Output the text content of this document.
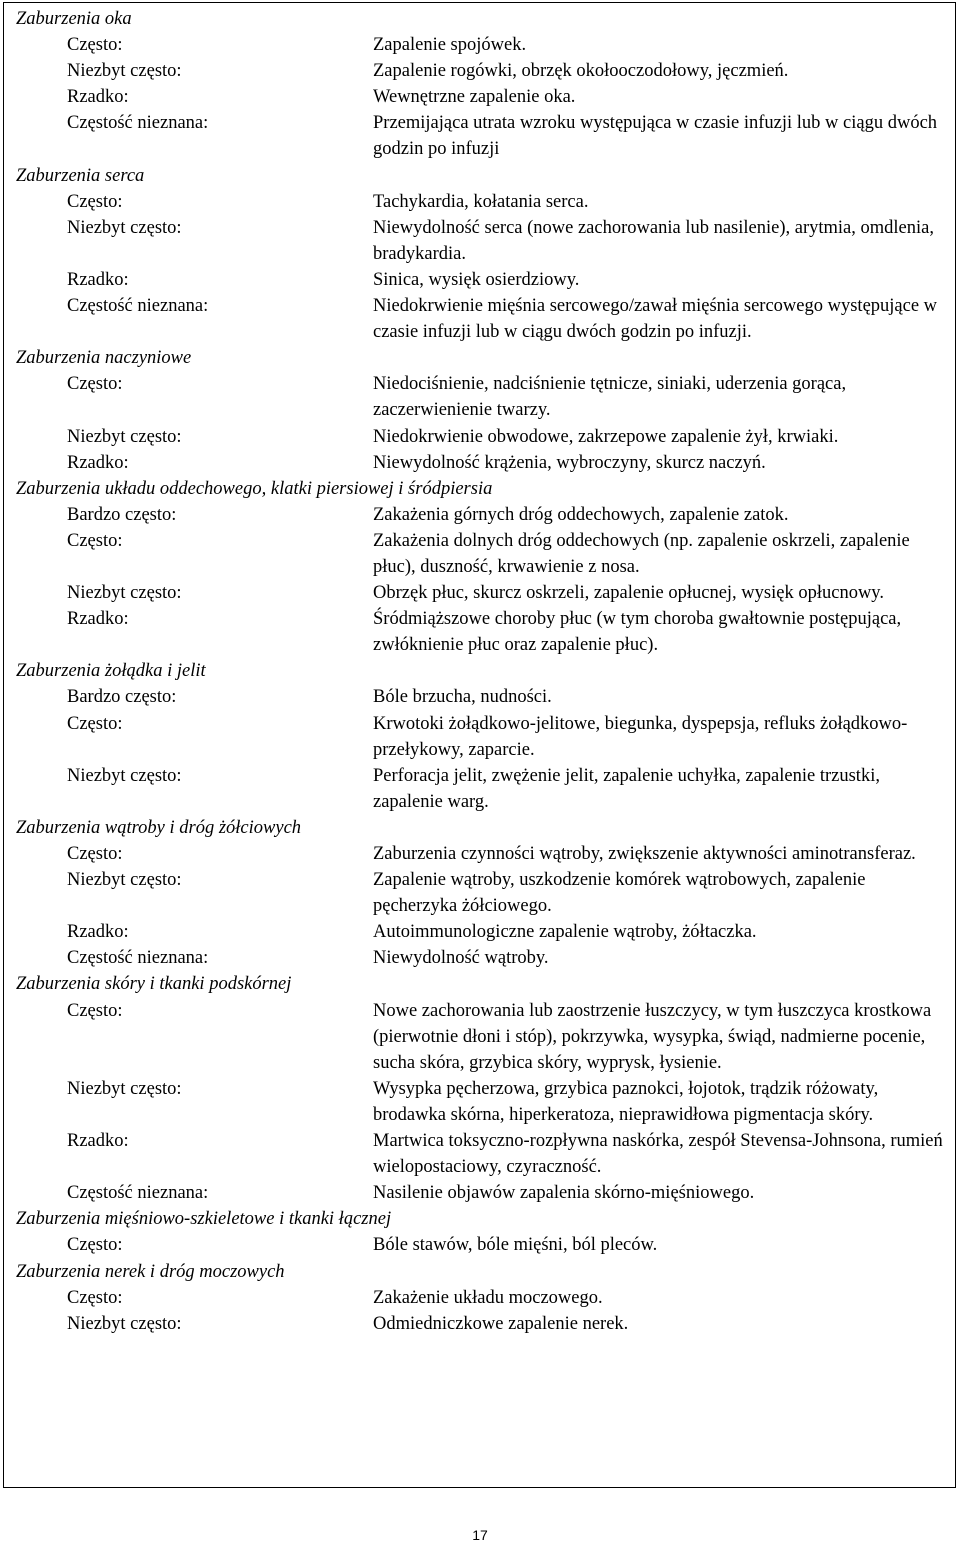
Zaburzenia oka
Często:	Zapalenie spojówek.
Niezbyt często:	Zapalenie rogówki, obrzęk okołooczodołowy, jęczmień.
Rzadko:	Wewnętrzne zapalenie oka.
Częstość nieznana:	Przemijająca utrata wzroku występująca w czasie infuzji lub w ciągu dwóch godzin po infuzji
Zaburzenia serca
Często:	Tachykardia, kołatania serca.
Niezbyt często:	Niewydolność serca (nowe zachorowania lub nasilenie), arytmia, omdlenia, bradykardia.
Rzadko:	Sinica, wysięk osierdziowy.
Częstość nieznana:	Niedokrwienie mięśnia sercowego/zawał mięśnia sercowego występujące w czasie infuzji lub w ciągu dwóch godzin po infuzji.
Zaburzenia naczyniowe
Często:	Niedociśnienie, nadciśnienie tętnicze, siniaki, uderzenia gorąca, zaczerwienienie twarzy.
Niezbyt często:	Niedokrwienie obwodowe, zakrzepowe zapalenie żył, krwiaki.
Rzadko:	Niewydolność krążenia, wybroczyny, skurcz naczyń.
Zaburzenia układu oddechowego, klatki piersiowej i śródpiersia
Bardzo często:	Zakażenia górnych dróg oddechowych, zapalenie zatok.
Często:	Zakażenia dolnych dróg oddechowych (np. zapalenie oskrzeli, zapalenie płuc), duszność, krwawienie z nosa.
Niezbyt często:	Obrzęk płuc, skurcz oskrzeli, zapalenie opłucnej, wysięk opłucnowy.
Rzadko:	Śródmiąższowe choroby płuc (w tym choroba gwałtownie postępująca, zwłóknienie płuc oraz zapalenie płuc).
Zaburzenia żołądka i jelit
Bardzo często:	Bóle brzucha, nudności.
Często:	Krwotoki żołądkowo-jelitowe, biegunka, dyspepsja, refluks żołądkowo-przełykowy, zaparcie.
Niezbyt często:	Perforacja jelit, zwężenie jelit, zapalenie uchyłka, zapalenie trzustki, zapalenie warg.
Zaburzenia wątroby i dróg żółciowych
Często:	Zaburzenia czynności wątroby, zwiększenie aktywności aminotransferaz.
Niezbyt często:	Zapalenie wątroby, uszkodzenie komórek wątrobowych, zapalenie pęcherzyka żółciowego.
Rzadko:	Autoimmunologiczne zapalenie wątroby, żółtaczka.
Częstość nieznana:	Niewydolność wątroby.
Zaburzenia skóry i tkanki podskórnej
Często:	Nowe zachorowania lub zaostrzenie łuszczycy, w tym łuszczyca krostkowa (pierwotnie dłoni i stóp), pokrzywka, wysypka, świąd, nadmierne pocenie, sucha skóra, grzybica skóry, wyprysk, łysienie.
Niezbyt często:	Wysypka pęcherzowa, grzybica paznokci, łojotok, trądzik różowaty, brodawka skórna, hiperkeratoza, nieprawidłowa pigmentacja skóry.
Rzadko:	Martwica toksyczno-rozpływna naskórka, zespół Stevensa-Johnsona, rumień wielopostaciowy, czyraczność.
Częstość nieznana:	Nasilenie objawów zapalenia skórno-mięśniowego.
Zaburzenia mięśniowo-szkieletowe i tkanki łącznej
Często:	Bóle stawów, bóle mięśni, ból pleców.
Zaburzenia nerek i dróg moczowych
Często:	Zakażenie układu moczowego.
Niezbyt często:	Odmiedniczkowe zapalenie nerek.
17
